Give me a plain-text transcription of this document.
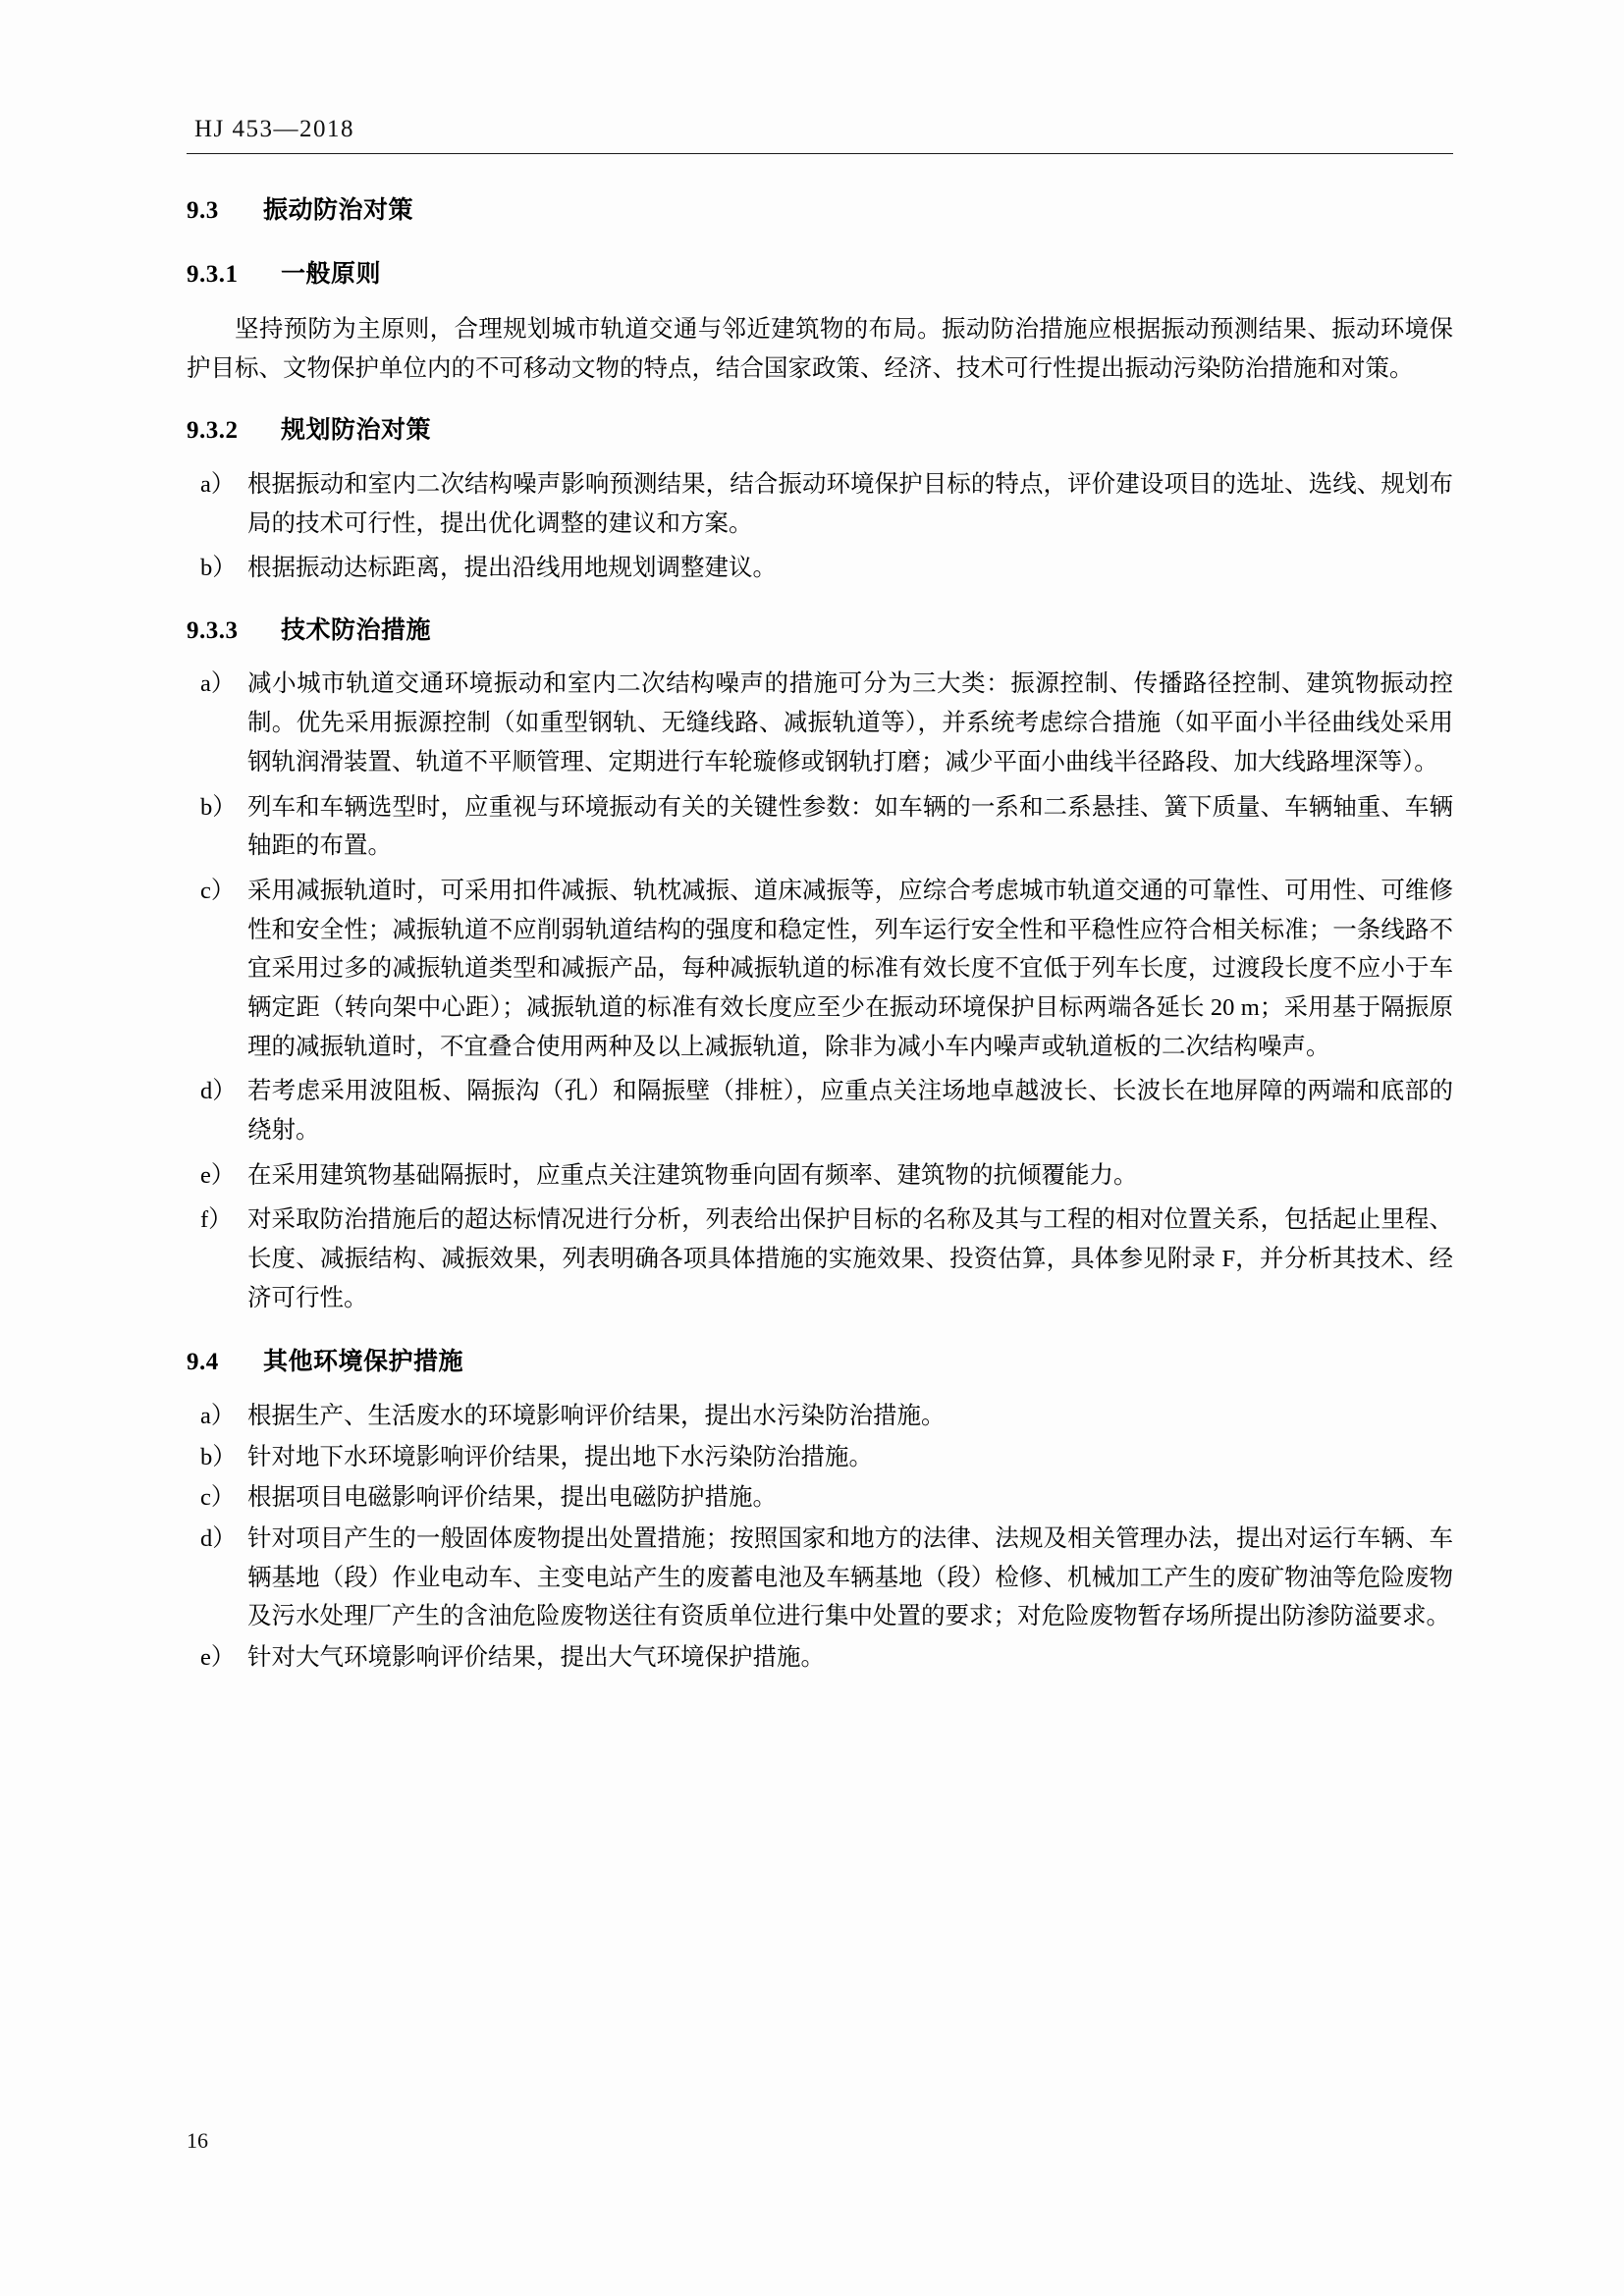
HJ 453—2018
9.3 振动防治对策
9.3.1 一般原则

坚持预防为主原则，合理规划城市轨道交通与邻近建筑物的布局。振动防治措施应根据振动预测结果、振动环境保护目标、文物保护单位内的不可移动文物的特点，结合国家政策、经济、技术可行性提出振动污染防治措施和对策。

9.3.2 规划防治对策
a） 根据振动和室内二次结构噪声影响预测结果，结合振动环境保护目标的特点，评价建设项目的选址、选线、规划布局的技术可行性，提出优化调整的建议和方案。
b） 根据振动达标距离，提出沿线用地规划调整建议。
9.3.3 技术防治措施
a） 减小城市轨道交通环境振动和室内二次结构噪声的措施可分为三大类：振源控制、传播路径控制、建筑物振动控制。优先采用振源控制（如重型钢轨、无缝线路、减振轨道等），并系统考虑综合措施（如平面小半径曲线处采用钢轨润滑装置、轨道不平顺管理、定期进行车轮璇修或钢轨打磨；减少平面小曲线半径路段、加大线路埋深等）。
b） 列车和车辆选型时，应重视与环境振动有关的关键性参数：如车辆的一系和二系悬挂、簧下质量、车辆轴重、车辆轴距的布置。
c） 采用减振轨道时，可采用扣件减振、轨枕减振、道床减振等，应综合考虑城市轨道交通的可靠性、可用性、可维修性和安全性；减振轨道不应削弱轨道结构的强度和稳定性，列车运行安全性和平稳性应符合相关标准；一条线路不宜采用过多的减振轨道类型和减振产品，每种减振轨道的标准有效长度不宜低于列车长度，过渡段长度不应小于车辆定距（转向架中心距）；减振轨道的标准有效长度应至少在振动环境保护目标两端各延长 20 m；采用基于隔振原理的减振轨道时，不宜叠合使用两种及以上减振轨道，除非为减小车内噪声或轨道板的二次结构噪声。
d） 若考虑采用波阻板、隔振沟（孔）和隔振壁（排桩），应重点关注场地卓越波长、长波长在地屏障的两端和底部的绕射。
e） 在采用建筑物基础隔振时，应重点关注建筑物垂向固有频率、建筑物的抗倾覆能力。
f） 对采取防治措施后的超达标情况进行分析，列表给出保护目标的名称及其与工程的相对位置关系，包括起止里程、长度、减振结构、减振效果，列表明确各项具体措施的实施效果、投资估算，具体参见附录 F，并分析其技术、经济可行性。
9.4 其他环境保护措施
a） 根据生产、生活废水的环境影响评价结果，提出水污染防治措施。
b） 针对地下水环境影响评价结果，提出地下水污染防治措施。
c） 根据项目电磁影响评价结果，提出电磁防护措施。
d） 针对项目产生的一般固体废物提出处置措施；按照国家和地方的法律、法规及相关管理办法，提出对运行车辆、车辆基地（段）作业电动车、主变电站产生的废蓄电池及车辆基地（段）检修、机械加工产生的废矿物油等危险废物及污水处理厂产生的含油危险废物送往有资质单位进行集中处置的要求；对危险废物暂存场所提出防渗防溢要求。
e） 针对大气环境影响评价结果，提出大气环境保护措施。
16
